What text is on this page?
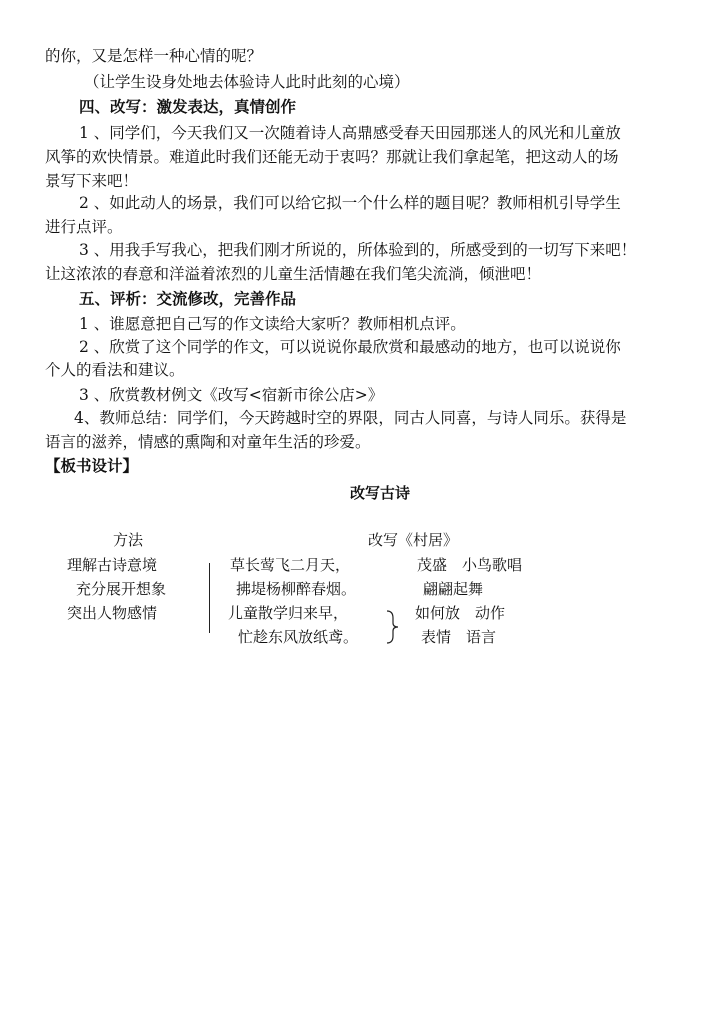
的你，又是怎样一种心情的呢？
（让学生设身处地去体验诗人此时此刻的心境）
四、改写：激发表达，真情创作
1 、同学们，今天我们又一次随着诗人高鼎感受春天田园那迷人的风光和儿童放
风筝的欢快情景。难道此时我们还能无动于衷吗？那就让我们拿起笔，把这动人的场
景写下来吧！
2 、如此动人的场景，我们可以给它拟一个什么样的题目呢？教师相机引导学生
进行点评。
3 、用我手写我心，把我们刚才所说的，所体验到的，所感受到的一切写下来吧！
让这浓浓的春意和洋溢着浓烈的儿童生活情趣在我们笔尖流淌，倾泄吧！
五、评析：交流修改，完善作品
1 、谁愿意把自己写的作文读给大家听？教师相机点评。
2 、欣赏了这个同学的作文，可以说说你最欣赏和最感动的地方，也可以说说你
个人的看法和建议。
3 、欣赏教材例文《改写<宿新市徐公店>》
4、教师总结：同学们，今天跨越时空的界限，同古人同喜，与诗人同乐。获得是
语言的滋养，情感的熏陶和对童年生活的珍爱。
【板书设计】
改写古诗
方法	改写《村居》
理解古诗意境
充分展开想象
突出人物感情
草长莺飞二月天，
拂堤杨柳醉春烟。
儿童散学归来早，
忙趁东风放纸鸢。
茂盛　小鸟歌唱
翩翩起舞
如何放　动作
表情　语言
